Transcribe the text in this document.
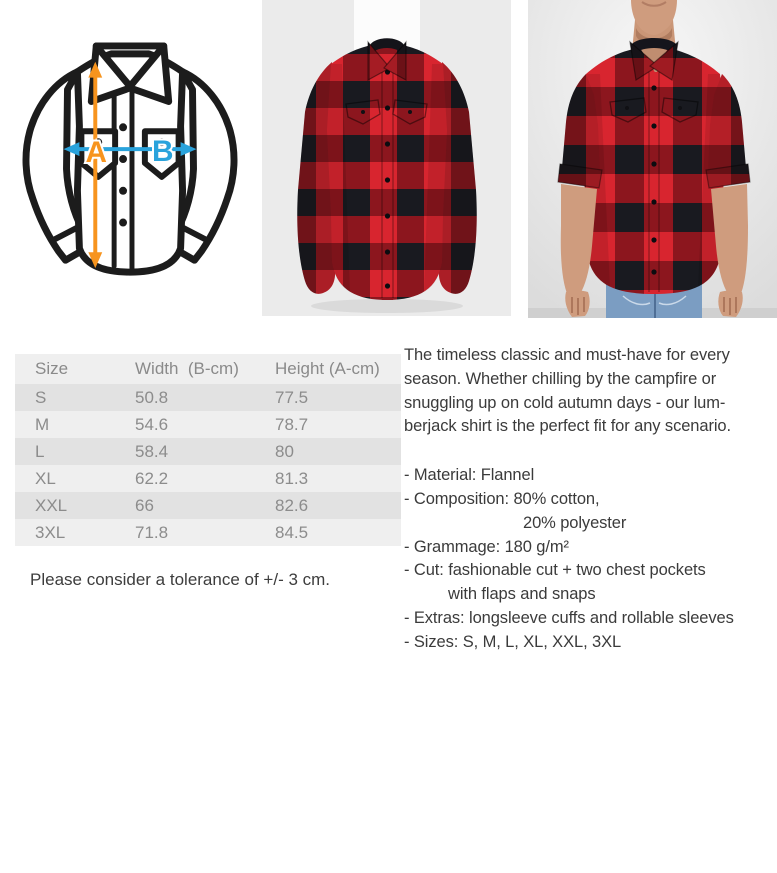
A B
Size	Width  (B-cm)	Height (A-cm)
S	50.8	77.5
M	54.6	78.7
L	58.4	80
XL	62.2	81.3
XXL	66	82.6
3XL	71.8	84.5
Please consider a tolerance of +/- 3 cm.
The timeless classic and must-have for every
season. Whether chilling by the campfire or
snuggling up on cold autumn days - our lum-
berjack shirt is the perfect fit for any scenario.
- Material: Flannel
- Composition: 80% cotton,
20% polyester
- Grammage: 180 g/m²
- Cut: fashionable cut + two chest pockets
with flaps and snaps
- Extras: longsleeve cuffs and rollable sleeves
- Sizes: S, M, L, XL, XXL, 3XL
